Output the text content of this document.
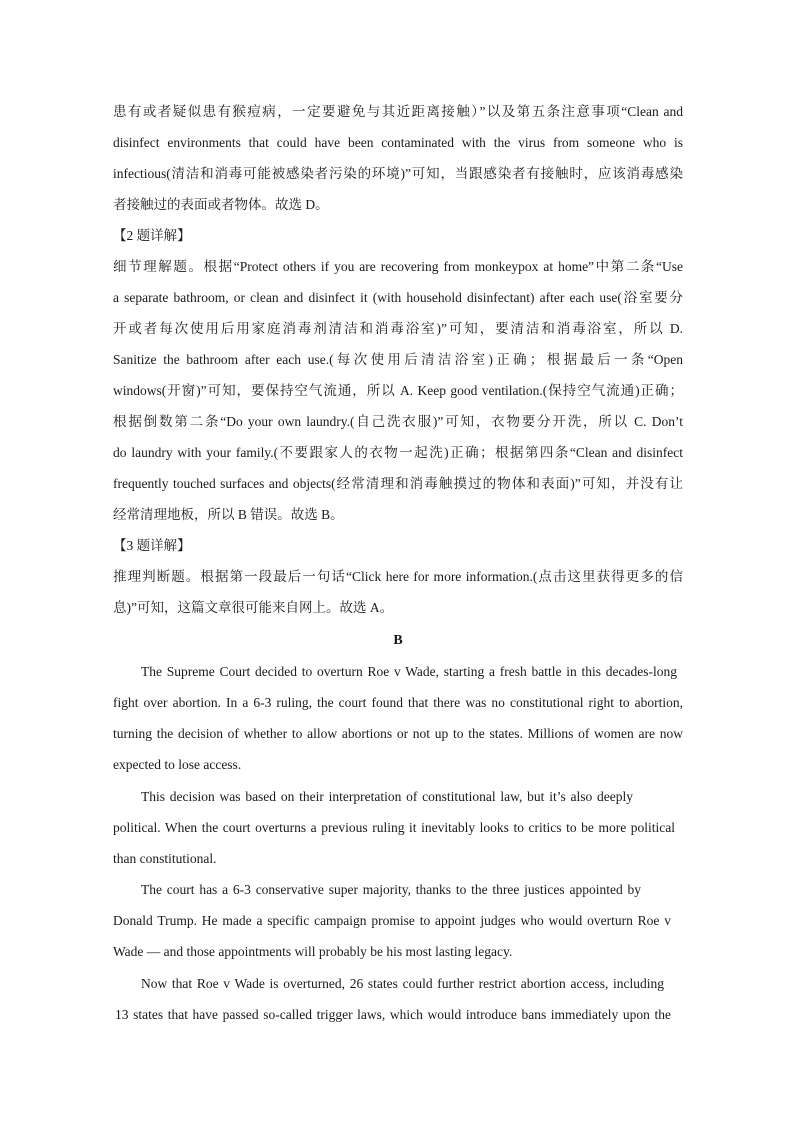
患有或者疑似患有猴痘病，一定要避免与其近距离接触）”以及第五条注意事项“Clean and
disinfect environments that could have been contaminated with the virus from someone who is
infectious(清洁和消毒可能被感染者污染的环境)”可知，当跟感染者有接触时，应该消毒感染
者接触过的表面或者物体。故选 D。
【2 题详解】
细节理解题。根据“Protect others if you are recovering from monkeypox at home”中第二条“Use
a separate bathroom, or clean and disinfect it (with household disinfectant) after each use(浴室要分
开或者每次使用后用家庭消毒剂清洁和消毒浴室)”可知，要清洁和消毒浴室，所以 D.
Sanitize the bathroom after each use.(每次使用后清洁浴室)正确；根据最后一条“Open
windows(开窗)”可知，要保持空气流通，所以 A. Keep good ventilation.(保持空气流通)正确；
根据倒数第二条“Do your own laundry.(自己洗衣服)”可知，衣物要分开洗，所以 C. Don’t
do laundry with your family.(不要跟家人的衣物一起洗)正确；根据第四条“Clean and disinfect
frequently touched surfaces and objects(经常清理和消毒触摸过的物体和表面)”可知，并没有让
经常清理地板，所以 B 错误。故选 B。
【3 题详解】
推理判断题。根据第一段最后一句话“Click here for more information.(点击这里获得更多的信
息)”可知，这篇文章很可能来自网上。故选 A。
B
The Supreme Court decided to overturn Roe v Wade, starting a fresh battle in this decades-long
fight over abortion. In a 6-3 ruling, the court found that there was no constitutional right to abortion,
turning the decision of whether to allow abortions or not up to the states. Millions of women are now
expected to lose access.
This decision was based on their interpretation of constitutional law, but it’s also deeply
political. When the court overturns a previous ruling it inevitably looks to critics to be more political
than constitutional.
The court has a 6-3 conservative super majority, thanks to the three justices appointed by
Donald Trump. He made a specific campaign promise to appoint judges who would overturn Roe v
Wade — and those appointments will probably be his most lasting legacy.
Now that Roe v Wade is overturned, 26 states could further restrict abortion access, including
13 states that have passed so-called trigger laws, which would introduce bans immediately upon the
